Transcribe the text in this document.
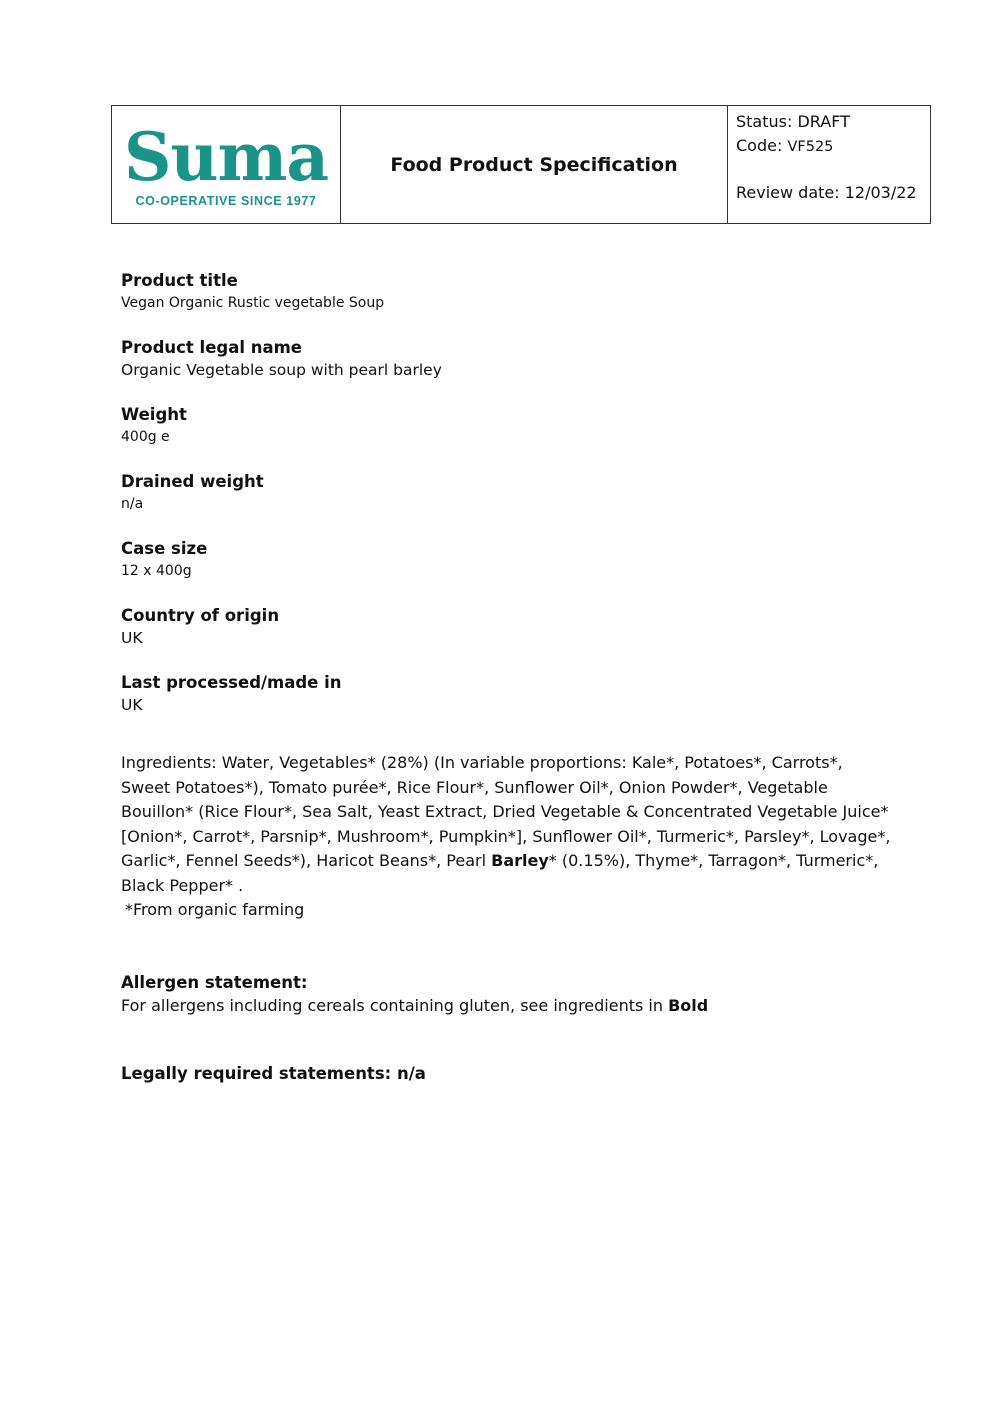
Suma
CO-OPERATIVE SINCE 1977

Food Product Specification

Status: DRAFT
Code: VF525
Review date: 12/03/22
Product title
Vegan Organic Rustic vegetable Soup
Product legal name
Organic Vegetable soup with pearl barley
Weight
400g e
Drained weight
n/a
Case size
12 x 400g
Country of origin
UK
Last processed/made in
UK
Ingredients: Water, Vegetables* (28%) (In variable proportions: Kale*, Potatoes*, Carrots*, Sweet Potatoes*), Tomato purée*, Rice Flour*, Sunflower Oil*, Onion Powder*, Vegetable Bouillon* (Rice Flour*, Sea Salt, Yeast Extract, Dried Vegetable & Concentrated Vegetable Juice* [Onion*, Carrot*, Parsnip*, Mushroom*, Pumpkin*], Sunflower Oil*, Turmeric*, Parsley*, Lovage*, Garlic*, Fennel Seeds*), Haricot Beans*, Pearl Barley* (0.15%), Thyme*, Tarragon*, Turmeric*, Black Pepper* .
*From organic farming
Allergen statement:
For allergens including cereals containing gluten, see ingredients in Bold
Legally required statements: n/a
